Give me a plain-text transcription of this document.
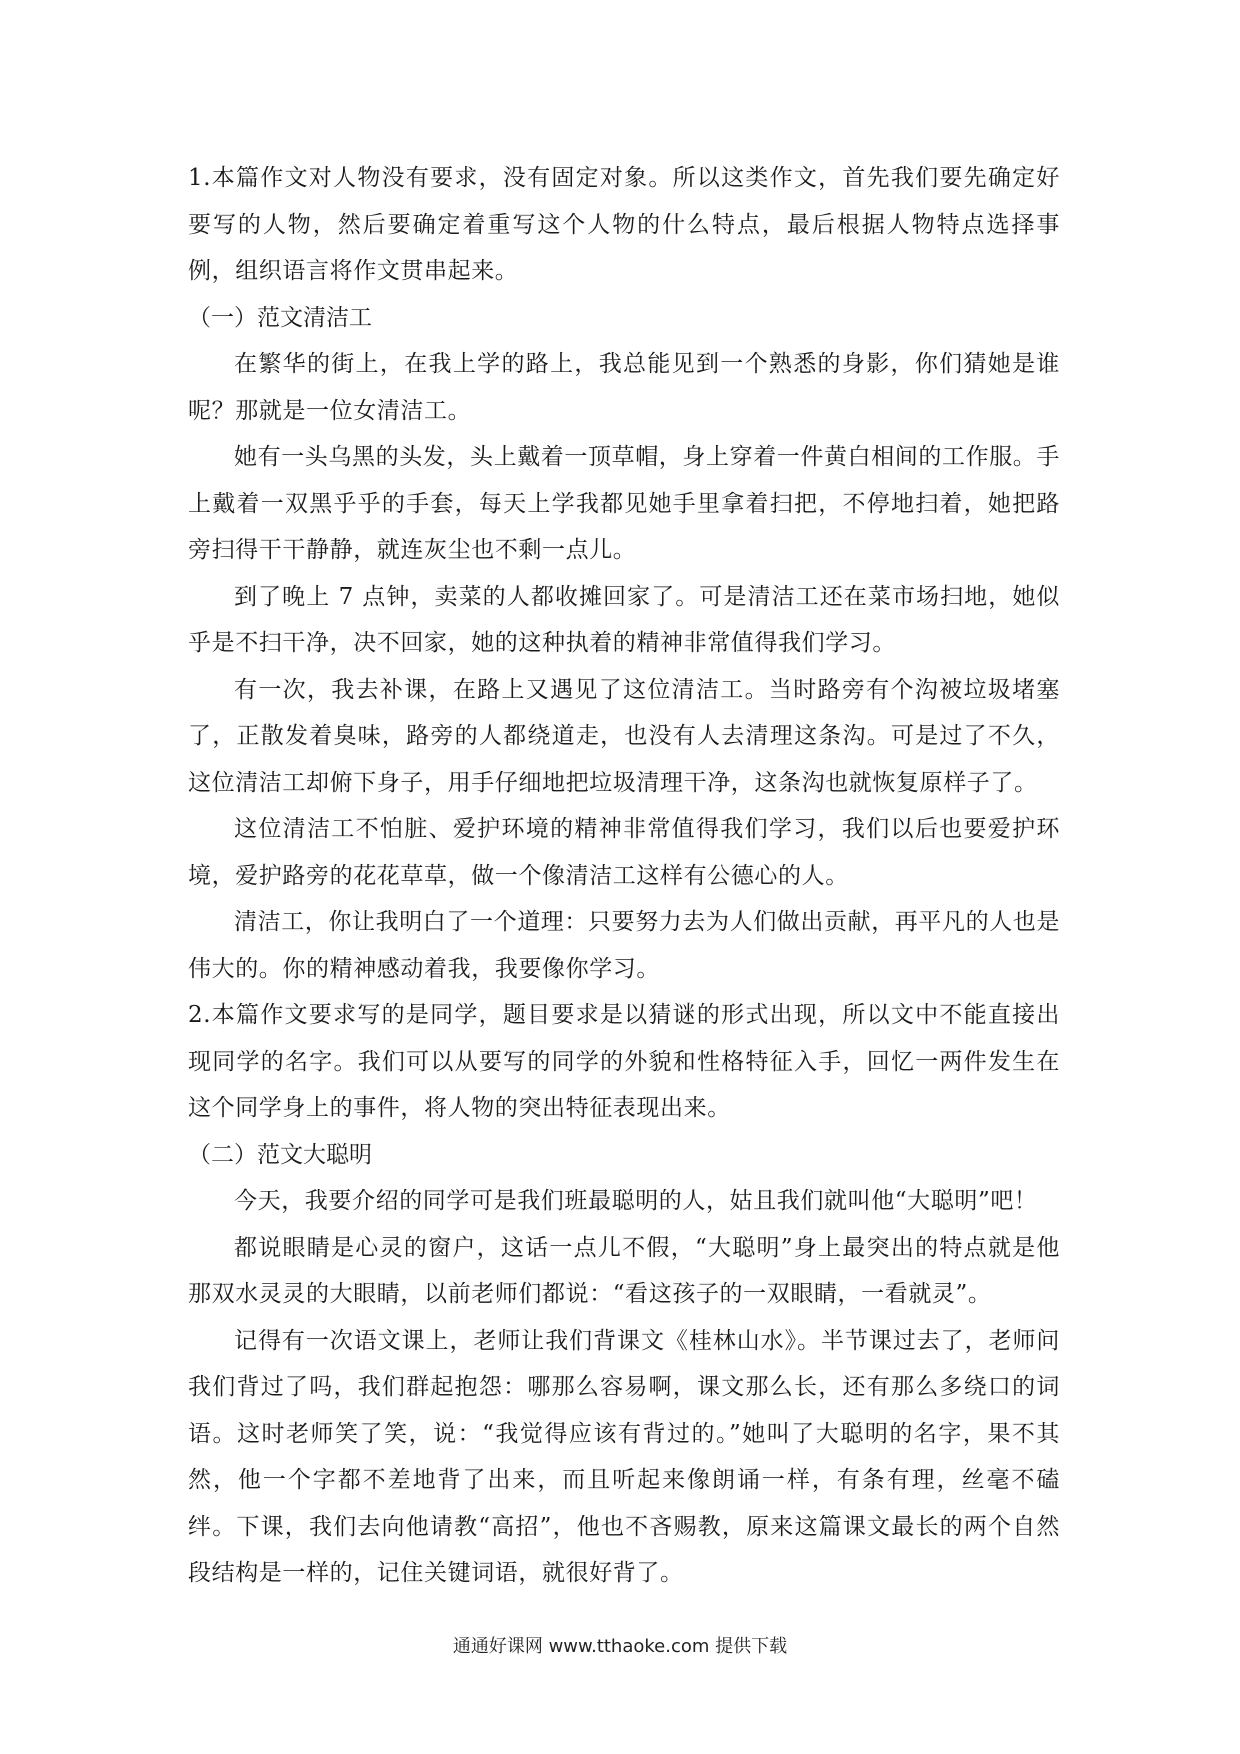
1.本篇作文对人物没有要求，没有固定对象。所以这类作文，首先我们要先确定好要写的人物，然后要确定着重写这个人物的什么特点，最后根据人物特点选择事例，组织语言将作文贯串起来。

（一）范文清洁工

在繁华的街上，在我上学的路上，我总能见到一个熟悉的身影，你们猜她是谁呢？那就是一位女清洁工。

她有一头乌黑的头发，头上戴着一顶草帽，身上穿着一件黄白相间的工作服。手上戴着一双黑乎乎的手套，每天上学我都见她手里拿着扫把，不停地扫着，她把路旁扫得干干静静，就连灰尘也不剩一点儿。

到了晚上 7 点钟，卖菜的人都收摊回家了。可是清洁工还在菜市场扫地，她似乎是不扫干净，决不回家，她的这种执着的精神非常值得我们学习。

有一次，我去补课，在路上又遇见了这位清洁工。当时路旁有个沟被垃圾堵塞了，正散发着臭味，路旁的人都绕道走，也没有人去清理这条沟。可是过了不久，这位清洁工却俯下身子，用手仔细地把垃圾清理干净，这条沟也就恢复原样子了。

这位清洁工不怕脏、爱护环境的精神非常值得我们学习，我们以后也要爱护环境，爱护路旁的花花草草，做一个像清洁工这样有公德心的人。

清洁工，你让我明白了一个道理：只要努力去为人们做出贡献，再平凡的人也是伟大的。你的精神感动着我，我要像你学习。

2.本篇作文要求写的是同学，题目要求是以猜谜的形式出现，所以文中不能直接出现同学的名字。我们可以从要写的同学的外貌和性格特征入手，回忆一两件发生在这个同学身上的事件，将人物的突出特征表现出来。

（二）范文大聪明

今天，我要介绍的同学可是我们班最聪明的人，姑且我们就叫他“大聪明”吧！

都说眼睛是心灵的窗户，这话一点儿不假，“大聪明”身上最突出的特点就是他那双水灵灵的大眼睛，以前老师们都说：“看这孩子的一双眼睛，一看就灵”。

记得有一次语文课上，老师让我们背课文《桂林山水》。半节课过去了，老师问我们背过了吗，我们群起抱怨：哪那么容易啊，课文那么长，还有那么多绕口的词语。这时老师笑了笑，说：“我觉得应该有背过的。”她叫了大聪明的名字，果不其然，他一个字都不差地背了出来，而且听起来像朗诵一样，有条有理，丝毫不磕绊。下课，我们去向他请教“高招”，他也不吝赐教，原来这篇课文最长的两个自然段结构是一样的，记住关键词语，就很好背了。

通通好课网 www.tthaoke.com 提供下载
